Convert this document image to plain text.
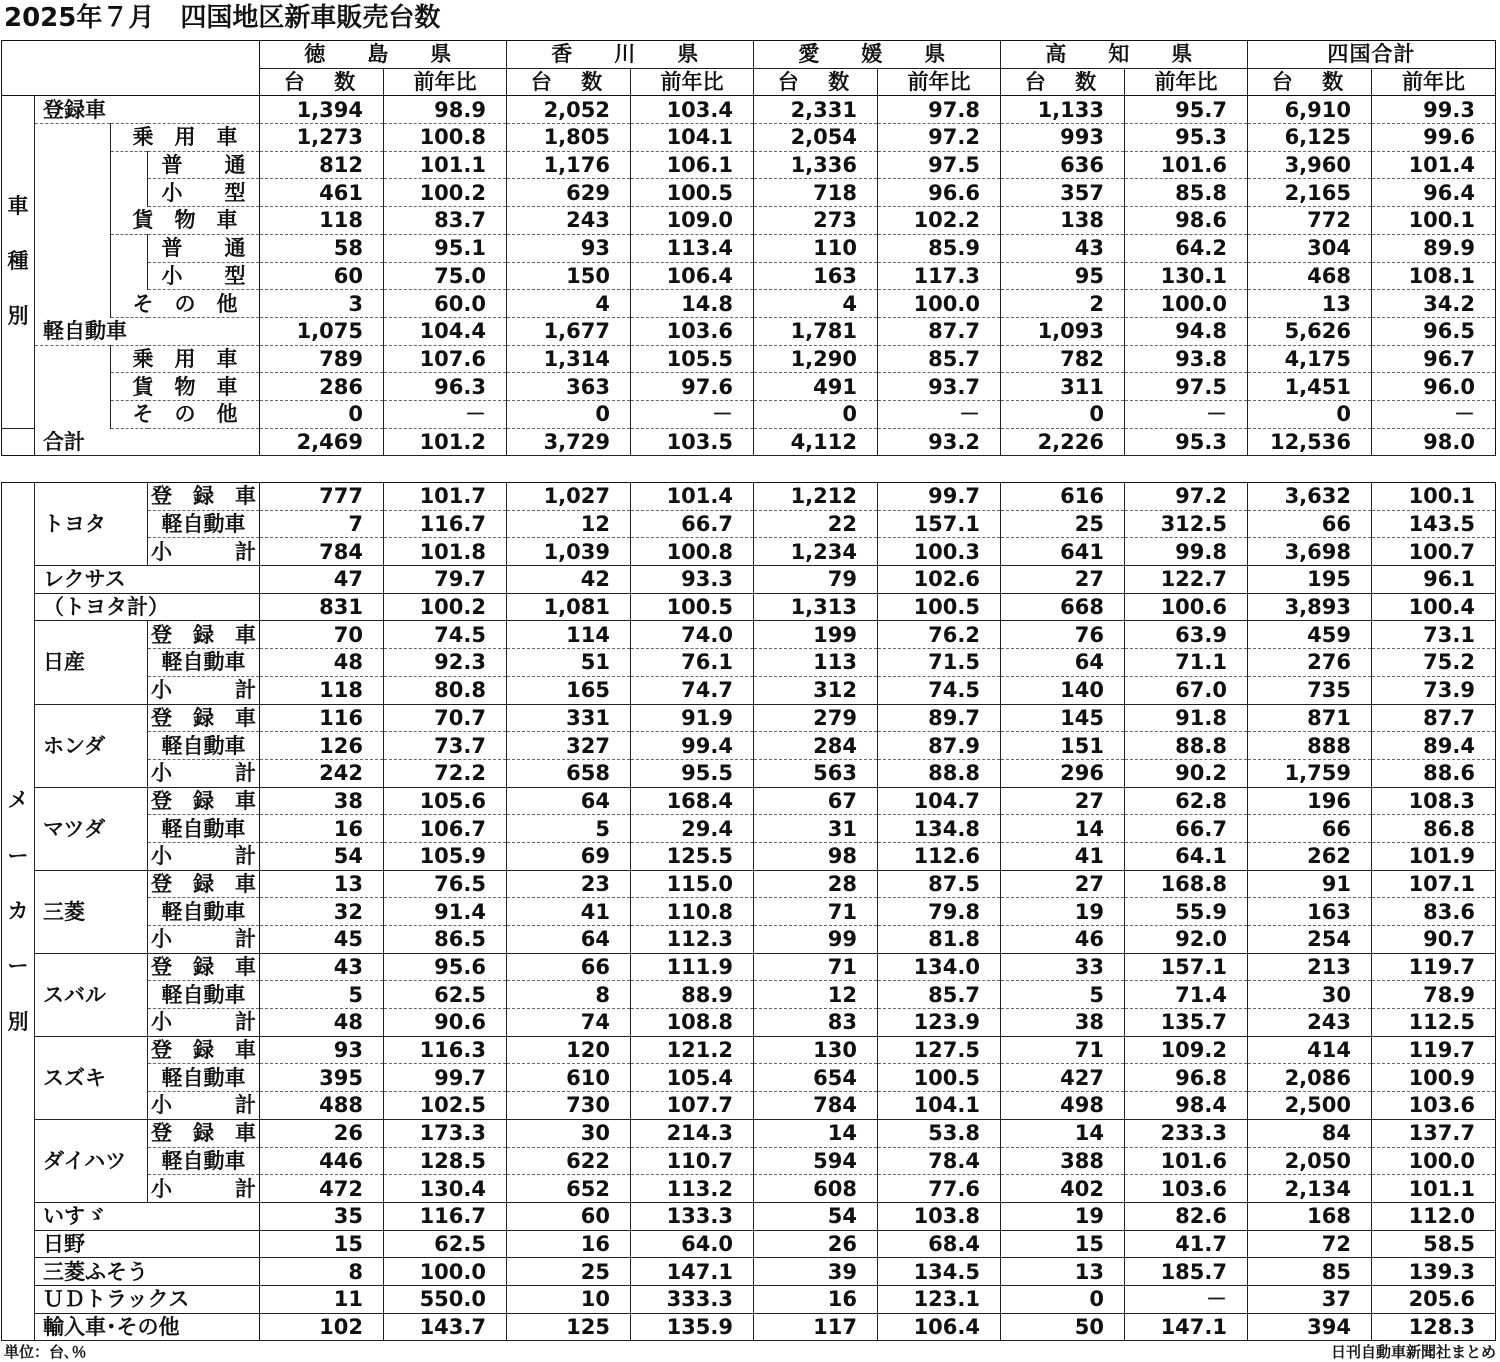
2025年７月　四国地区新車販売台数
				徳　島　県		香　川　県		愛　媛　県		高　知　県		四国合計	
				台　数	前年比	台　数	前年比	台　数	前年比	台　数	前年比	台　数	前年比

車

種

別	登録車			1,394	98.9	2,052	103.4	2,331	97.8	1,133	95.7	6,910	99.3
		乗　用　車		1,273	100.8	1,805	104.1	2,054	97.2	993	95.3	6,125	99.6
			普　　通	812	101.1	1,176	106.1	1,336	97.5	636	101.6	3,960	101.4
			小　　型	461	100.2	629	100.5	718	96.6	357	85.8	2,165	96.4
		貨　物　車		118	83.7	243	109.0	273	102.2	138	98.6	772	100.1
			普　　通	58	95.1	93	113.4	110	85.9	43	64.2	304	89.9
			小　　型	60	75.0	150	106.4	163	117.3	95	130.1	468	108.1
		そ　の　他		3	60.0	4	14.8	4	100.0	2	100.0	13	34.2
	軽自動車			1,075	104.4	1,677	103.6	1,781	87.7	1,093	94.8	5,626	96.5
		乗　用　車		789	107.6	1,314	105.5	1,290	85.7	782	93.8	4,175	96.7
		貨　物　車		286	96.3	363	97.6	491	93.7	311	97.5	1,451	96.0
		そ　の　他		0	－	0	－	0	－	0	－	0	－
	合計			2,469	101.2	3,729	103.5	4,112	93.2	2,226	95.3	12,536	98.0
メ
ー
カ
ー
別	トヨタ	登　録　車	777	101.7	1,027	101.4	1,212	99.7	616	97.2	3,632	100.1
		軽自動車	7	116.7	12	66.7	22	157.1	25	312.5	66	143.5
		小　　　計	784	101.8	1,039	100.8	1,234	100.3	641	99.8	3,698	100.7
	レクサス		47	79.7	42	93.3	79	102.6	27	122.7	195	96.1
	（トヨタ計）		831	100.2	1,081	100.5	1,313	100.5	668	100.6	3,893	100.4
	日産	登　録　車	70	74.5	114	74.0	199	76.2	76	63.9	459	73.1
		軽自動車	48	92.3	51	76.1	113	71.5	64	71.1	276	75.2
		小　　　計	118	80.8	165	74.7	312	74.5	140	67.0	735	73.9
	ホンダ	登　録　車	116	70.7	331	91.9	279	89.7	145	91.8	871	87.7
		軽自動車	126	73.7	327	99.4	284	87.9	151	88.8	888	89.4
		小　　　計	242	72.2	658	95.5	563	88.8	296	90.2	1,759	88.6
	マツダ	登　録　車	38	105.6	64	168.4	67	104.7	27	62.8	196	108.3
		軽自動車	16	106.7	5	29.4	31	134.8	14	66.7	66	86.8
		小　　　計	54	105.9	69	125.5	98	112.6	41	64.1	262	101.9
	三菱	登　録　車	13	76.5	23	115.0	28	87.5	27	168.8	91	107.1
		軽自動車	32	91.4	41	110.8	71	79.8	19	55.9	163	83.6
		小　　　計	45	86.5	64	112.3	99	81.8	46	92.0	254	90.7
	スバル	登　録　車	43	95.6	66	111.9	71	134.0	33	157.1	213	119.7
		軽自動車	5	62.5	8	88.9	12	85.7	5	71.4	30	78.9
		小　　　計	48	90.6	74	108.8	83	123.9	38	135.7	243	112.5
	スズキ	登　録　車	93	116.3	120	121.2	130	127.5	71	109.2	414	119.7
		軽自動車	395	99.7	610	105.4	654	100.5	427	96.8	2,086	100.9
		小　　　計	488	102.5	730	107.7	784	104.1	498	98.4	2,500	103.6
	ダイハツ	登　録　車	26	173.3	30	214.3	14	53.8	14	233.3	84	137.7
		軽自動車	446	128.5	622	110.7	594	78.4	388	101.6	2,050	100.0
		小　　　計	472	130.4	652	113.2	608	77.6	402	103.6	2,134	101.1
	いすゞ		35	116.7	60	133.3	54	103.8	19	82.6	168	112.0
	日野		15	62.5	16	64.0	26	68.4	15	41.7	72	58.5
	三菱ふそう		8	100.0	25	147.1	39	134.5	13	185.7	85	139.3
	ＵＤトラックス		11	550.0	10	333.3	16	123.1	0	－	37	205.6
	輸入車･その他		102	143.7	125	135.9	117	106.4	50	147.1	394	128.3
単位：台､％	日刊自動車新聞社まとめ
